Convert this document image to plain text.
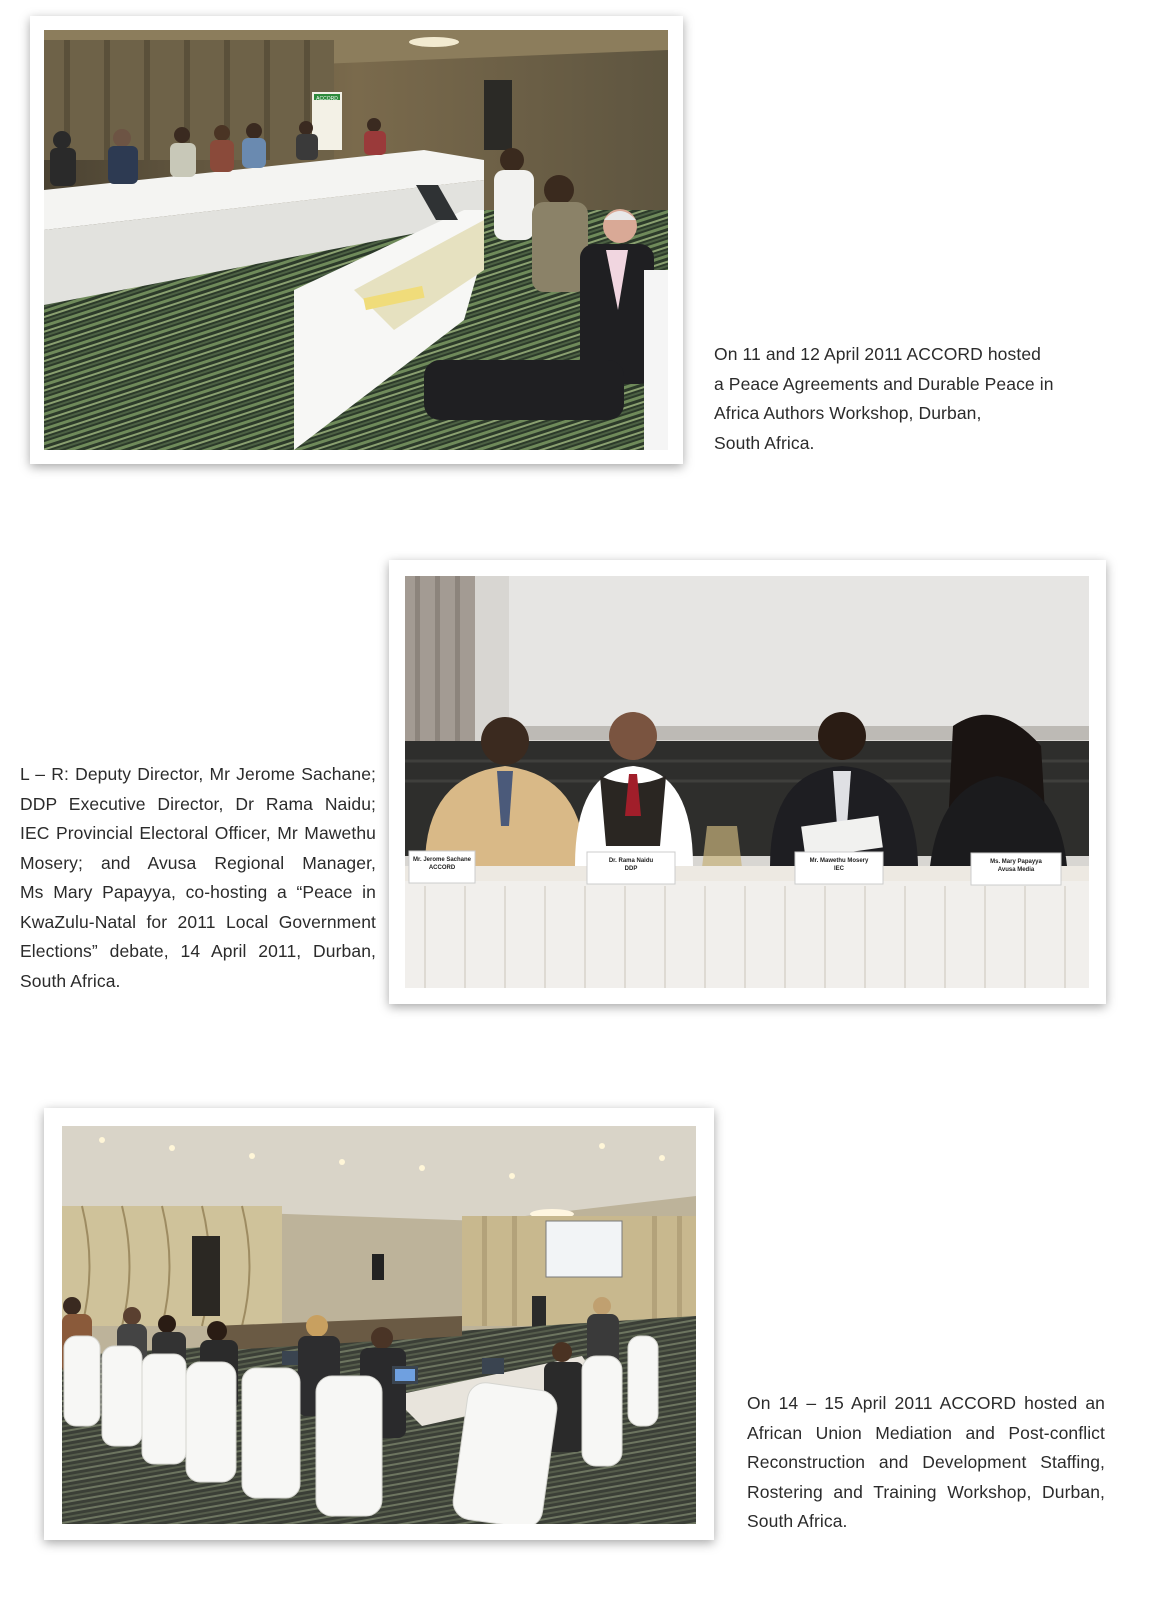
ACCORD
On 11 and 12 April 2011 ACCORD hosted
a Peace Agreements and Durable Peace in
Africa Authors Workshop, Durban,
South Africa.
Mr. Jerome Sachane
ACCORD
Dr. Rama Naidu
DDP
Mr. Mawethu Mosery
IEC
Ms. Mary Papayya
Avusa Media
L – R: Deputy Director, Mr Jerome Sachane;
DDP Executive Director, Dr Rama Naidu;
IEC Provincial Electoral Officer, Mr Mawethu
Mosery; and Avusa Regional Manager,
Ms Mary Papayya, co-hosting a “Peace in
KwaZulu-Natal for 2011 Local Government
Elections” debate, 14 April 2011, Durban,
South Africa.
On 14 – 15 April 2011 ACCORD hosted an
African Union Mediation and Post-conflict
Reconstruction and Development Staffing,
Rostering and Training Workshop, Durban,
South Africa.
